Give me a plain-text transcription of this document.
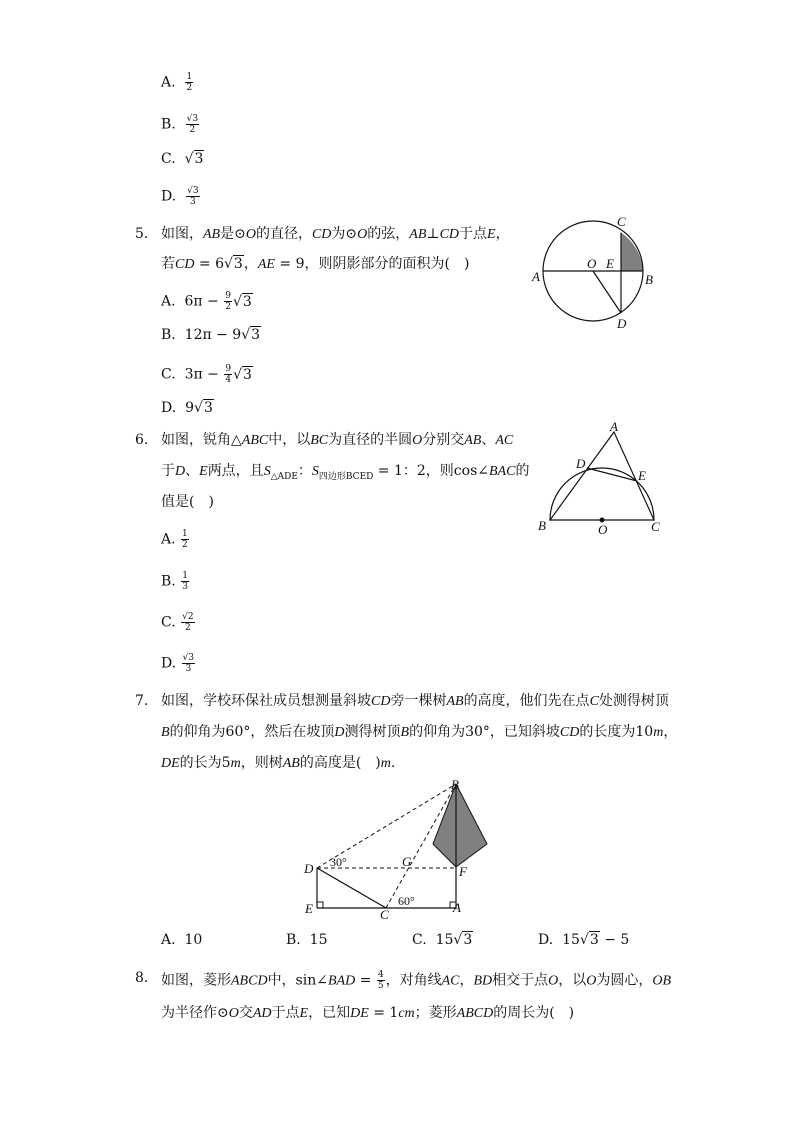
A. $\frac{1}{2}$
B. $\frac{√3}{2}$
C. √3
D. $\frac{√3}{3}$
5. 如图，AB是⊙O的直径，CD为⊙O的弦，AB⊥CD于点E，
若CD = 6√3，AE = 9，则阴影部分的面积为(　)
A. $6\pi - \frac{9}{2} √3$
B. 12π − 9√3
C. $3\pi - \frac{9}{4} √3$
D. 9√3
C
O E
A	B
D
6. 如图，锐角△ABC中，以BC为直径的半圆O分别交AB、AC
于D、E两点，且$S_{\triangle ADE}$：$S_{四边形BCED} = 1$：2，则cos∠BAC的
值是(　)
A. $\frac{1}{2}$
B. $\frac{1}{3}$
C. $\frac{√2}{2}$
D. $\frac{√3}{3}$
A
D
E
B	O	C
7. 如图，学校环保社成员想测量斜坡CD旁一棵树AB的高度，他们先在点C处测得树顶
B的仰角为60°，然后在坡顶D测得树顶B的仰角为30°，已知斜坡CD的长度为10m，
DE的长为5m，则树AB的高度是(　)m.
B
D 30°	G
F
E	60°
C	A
A. 10	B. 15	C. 15√3	D. 15√3 − 5
8. 如图，菱形ABCD中，sin∠BAD = $\frac{4}{5}$ ，对角线AC，BD相交于点O，以O为圆心，OB
为半径作⊙O交AD于点E，已知DE = 1cm；菱形ABCD的周长为(　)
